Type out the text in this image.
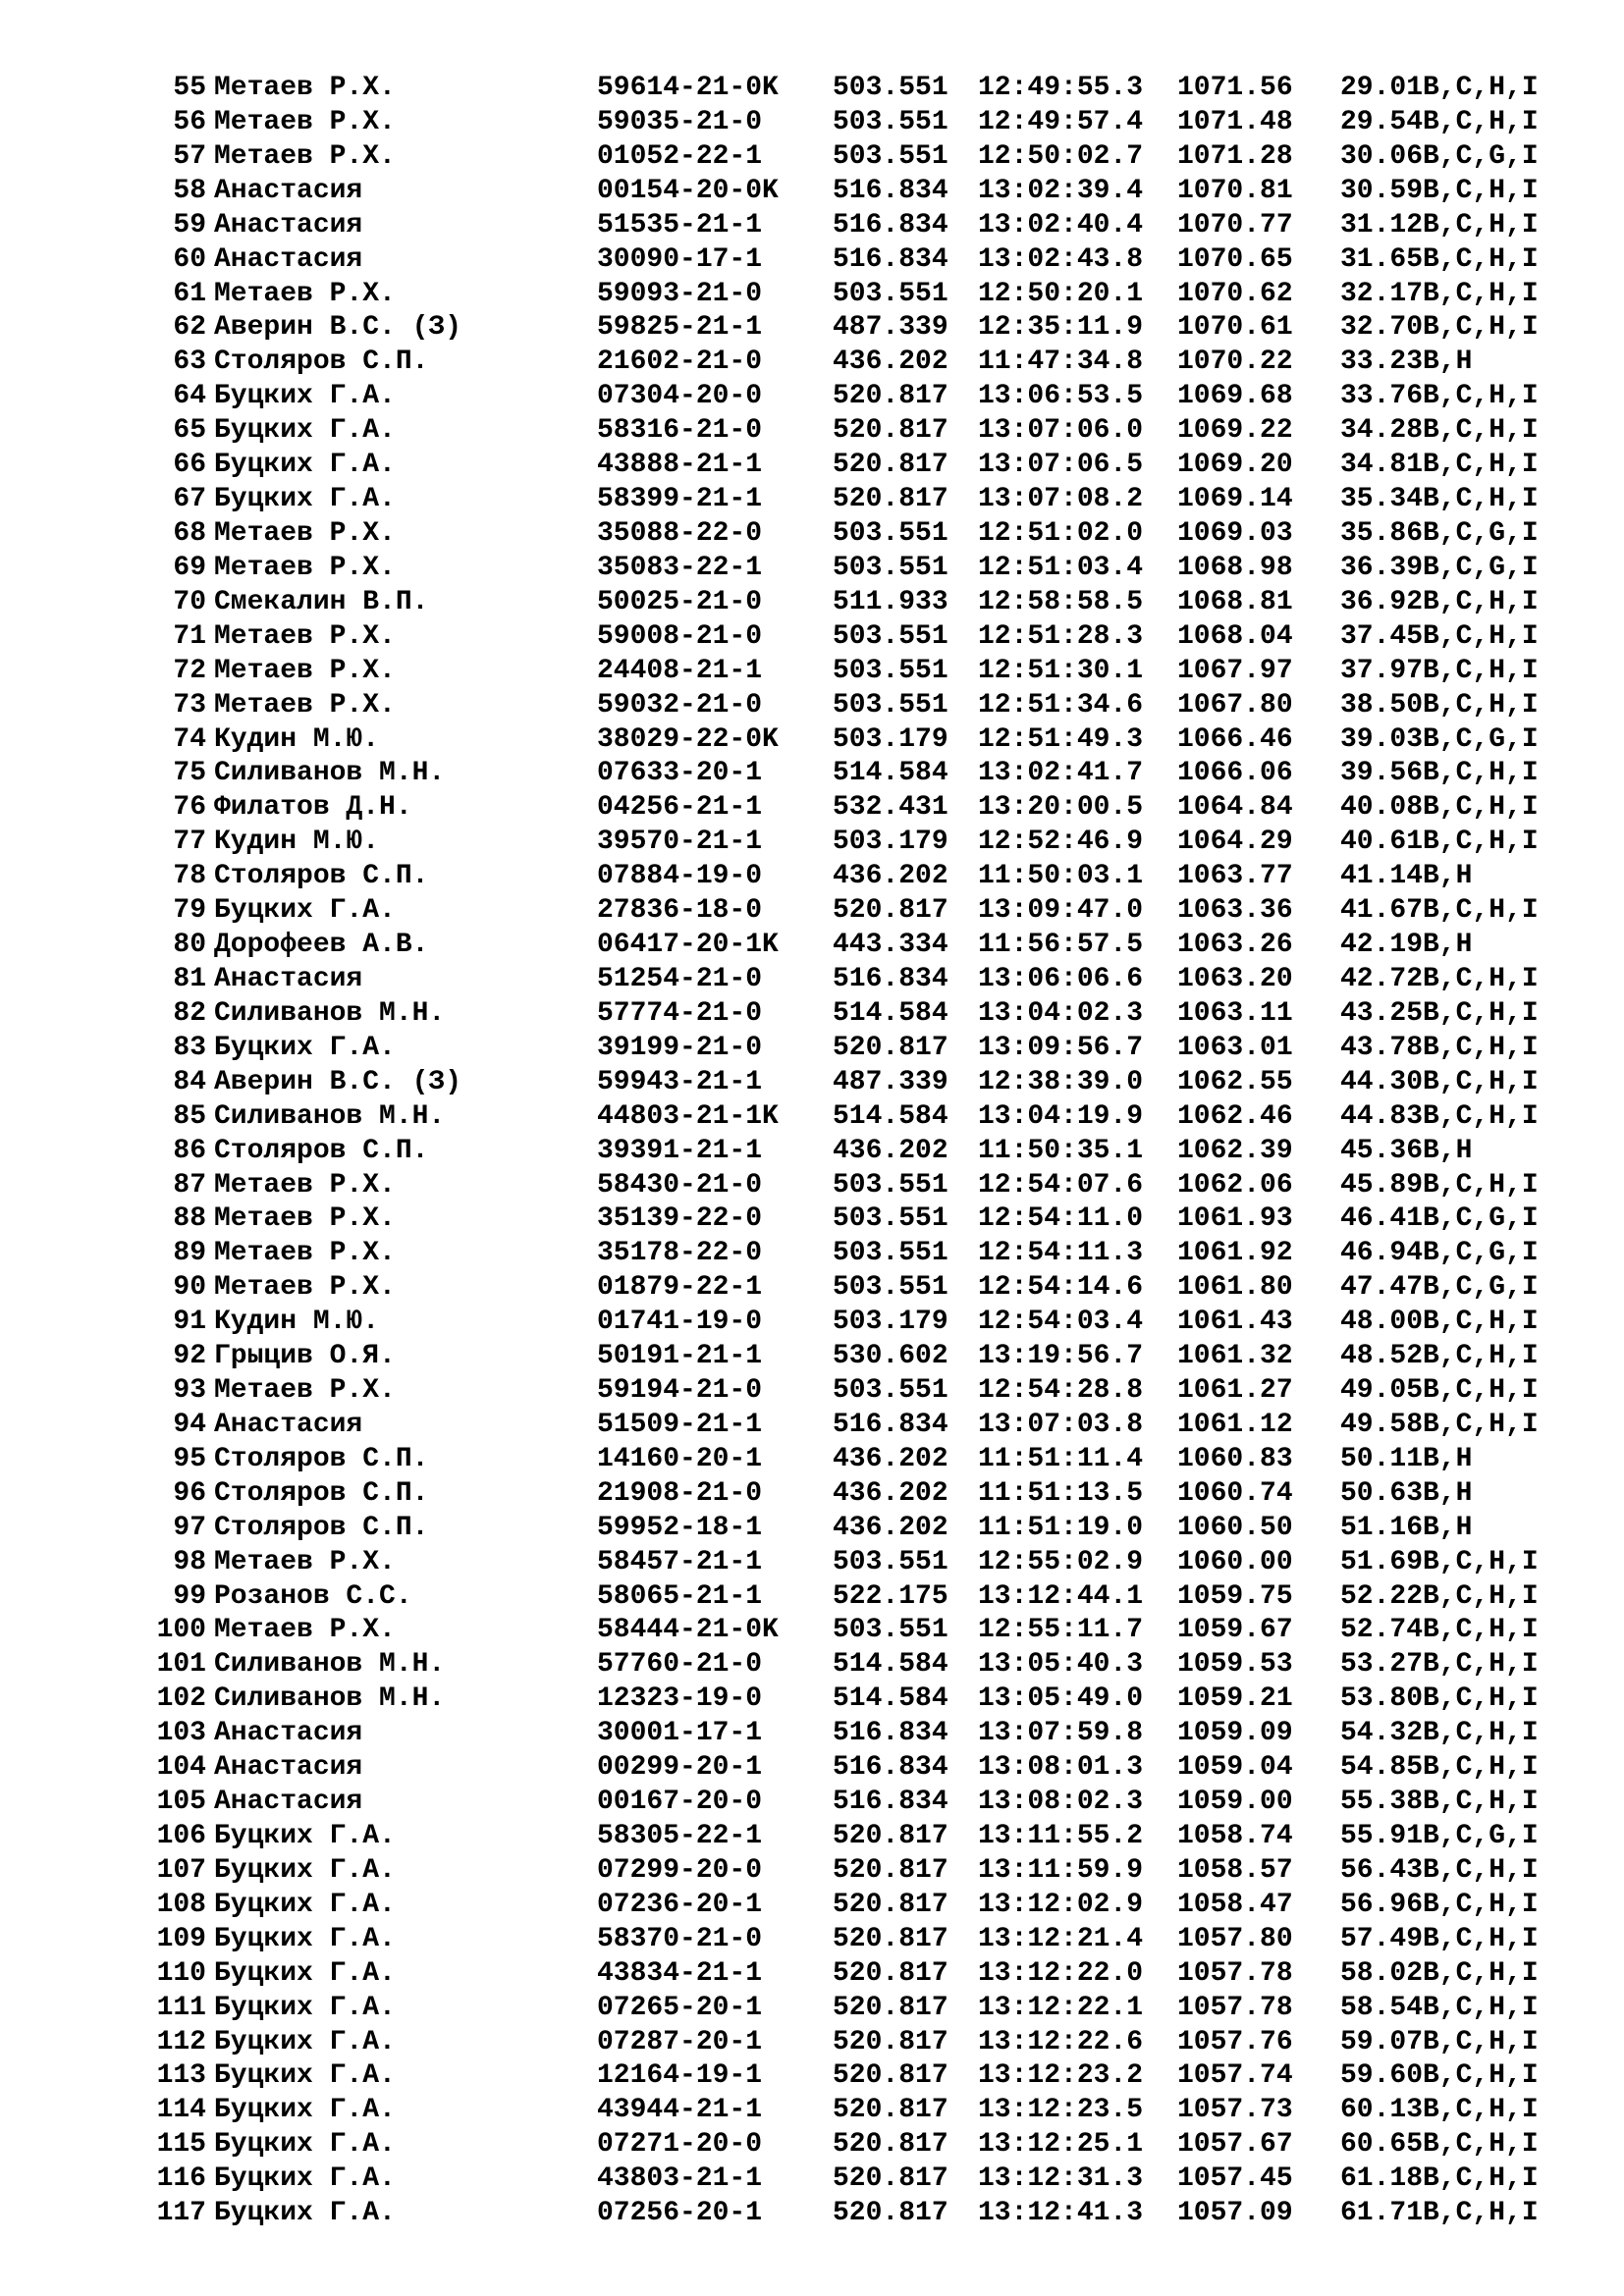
55 Метаев Р.Х.	59614-21-0K 503.551 12:49:55.3 1071.56 29.01 B,C,H,I
56 Метаев Р.Х.	59035-21-0	503.551 12:49:57.4 1071.48 29.54 B,C,H,I
57 Метаев Р.Х.	01052-22-1	503.551 12:50:02.7 1071.28 30.06 B,C,G,I
58 Анастасия	00154-20-0K 516.834 13:02:39.4 1070.81 30.59 B,C,H,I
59 Анастасия	51535-21-1	516.834 13:02:40.4 1070.77 31.12 B,C,H,I
60 Анастасия	30090-17-1	516.834 13:02:43.8 1070.65 31.65 B,C,H,I
61 Метаев Р.Х.	59093-21-0	503.551 12:50:20.1 1070.62 32.17 B,C,H,I
62 Аверин В.С. (З)	59825-21-1	487.339 12:35:11.9 1070.61 32.70 B,C,H,I
63 Столяров С.П.	21602-21-0	436.202 11:47:34.8 1070.22 33.23 B,H
64 Буцких Г.А.	07304-20-0	520.817 13:06:53.5 1069.68 33.76 B,C,H,I
65 Буцких Г.А.	58316-21-0	520.817 13:07:06.0 1069.22 34.28 B,C,H,I
66 Буцких Г.А.	43888-21-1	520.817 13:07:06.5 1069.20 34.81 B,C,H,I
67 Буцких Г.А.	58399-21-1	520.817 13:07:08.2 1069.14 35.34 B,C,H,I
68 Метаев Р.Х.	35088-22-0	503.551 12:51:02.0 1069.03 35.86 B,C,G,I
69 Метаев Р.Х.	35083-22-1	503.551 12:51:03.4 1068.98 36.39 B,C,G,I
70 Смекалин В.П.	50025-21-0	511.933 12:58:58.5 1068.81 36.92 B,C,H,I
71 Метаев Р.Х.	59008-21-0	503.551 12:51:28.3 1068.04 37.45 B,C,H,I
72 Метаев Р.Х.	24408-21-1	503.551 12:51:30.1 1067.97 37.97 B,C,H,I
73 Метаев Р.Х.	59032-21-0	503.551 12:51:34.6 1067.80 38.50 B,C,H,I
74 Кудин М.Ю.	38029-22-0K 503.179 12:51:49.3 1066.46 39.03 B,C,G,I
75 Силиванов М.Н.	07633-20-1	514.584 13:02:41.7 1066.06 39.56 B,C,H,I
76 Филатов Д.Н.	04256-21-1	532.431 13:20:00.5 1064.84 40.08 B,C,H,I
77 Кудин М.Ю.	39570-21-1	503.179 12:52:46.9 1064.29 40.61 B,C,H,I
78 Столяров С.П.	07884-19-0	436.202 11:50:03.1 1063.77 41.14 B,H
79 Буцких Г.А.	27836-18-0	520.817 13:09:47.0 1063.36 41.67 B,C,H,I
80 Дорофеев А.В.	06417-20-1K 443.334 11:56:57.5 1063.26 42.19 B,H
81 Анастасия	51254-21-0	516.834 13:06:06.6 1063.20 42.72 B,C,H,I
82 Силиванов М.Н.	57774-21-0	514.584 13:04:02.3 1063.11 43.25 B,C,H,I
83 Буцких Г.А.	39199-21-0	520.817 13:09:56.7 1063.01 43.78 B,C,H,I
84 Аверин В.С. (З)	59943-21-1	487.339 12:38:39.0 1062.55 44.30 B,C,H,I
85 Силиванов М.Н.	44803-21-1K 514.584 13:04:19.9 1062.46 44.83 B,C,H,I
86 Столяров С.П.	39391-21-1	436.202 11:50:35.1 1062.39 45.36 B,H
87 Метаев Р.Х.	58430-21-0	503.551 12:54:07.6 1062.06 45.89 B,C,H,I
88 Метаев Р.Х.	35139-22-0	503.551 12:54:11.0 1061.93 46.41 B,C,G,I
89 Метаев Р.Х.	35178-22-0	503.551 12:54:11.3 1061.92 46.94 B,C,G,I
90 Метаев Р.Х.	01879-22-1	503.551 12:54:14.6 1061.80 47.47 B,C,G,I
91 Кудин М.Ю.	01741-19-0	503.179 12:54:03.4 1061.43 48.00 B,C,H,I
92 Грыцив О.Я.	50191-21-1	530.602 13:19:56.7 1061.32 48.52 B,C,H,I
93 Метаев Р.Х.	59194-21-0	503.551 12:54:28.8 1061.27 49.05 B,C,H,I
94 Анастасия	51509-21-1	516.834 13:07:03.8 1061.12 49.58 B,C,H,I
95 Столяров С.П.	14160-20-1	436.202 11:51:11.4 1060.83 50.11 B,H
96 Столяров С.П.	21908-21-0	436.202 11:51:13.5 1060.74 50.63 B,H
97 Столяров С.П.	59952-18-1	436.202 11:51:19.0 1060.50 51.16 B,H
98 Метаев Р.Х.	58457-21-1	503.551 12:55:02.9 1060.00 51.69 B,C,H,I
99 Розанов С.С.	58065-21-1	522.175 13:12:44.1 1059.75 52.22 B,C,H,I
100 Метаев Р.Х.	58444-21-0K 503.551 12:55:11.7 1059.67 52.74 B,C,H,I
101 Силиванов М.Н.	57760-21-0	514.584 13:05:40.3 1059.53 53.27 B,C,H,I
102 Силиванов М.Н.	12323-19-0	514.584 13:05:49.0 1059.21 53.80 B,C,H,I
103 Анастасия	30001-17-1	516.834 13:07:59.8 1059.09 54.32 B,C,H,I
104 Анастасия	00299-20-1	516.834 13:08:01.3 1059.04 54.85 B,C,H,I
105 Анастасия	00167-20-0	516.834 13:08:02.3 1059.00 55.38 B,C,H,I
106 Буцких Г.А.	58305-22-1	520.817 13:11:55.2 1058.74 55.91 B,C,G,I
107 Буцких Г.А.	07299-20-0	520.817 13:11:59.9 1058.57 56.43 B,C,H,I
108 Буцких Г.А.	07236-20-1	520.817 13:12:02.9 1058.47 56.96 B,C,H,I
109 Буцких Г.А.	58370-21-0	520.817 13:12:21.4 1057.80 57.49 B,C,H,I
110 Буцких Г.А.	43834-21-1	520.817 13:12:22.0 1057.78 58.02 B,C,H,I
111 Буцких Г.А.	07265-20-1	520.817 13:12:22.1 1057.78 58.54 B,C,H,I
112 Буцких Г.А.	07287-20-1	520.817 13:12:22.6 1057.76 59.07 B,C,H,I
113 Буцких Г.А.	12164-19-1	520.817 13:12:23.2 1057.74 59.60 B,C,H,I
114 Буцких Г.А.	43944-21-1	520.817 13:12:23.5 1057.73 60.13 B,C,H,I
115 Буцких Г.А.	07271-20-0	520.817 13:12:25.1 1057.67 60.65 B,C,H,I
116 Буцких Г.А.	43803-21-1	520.817 13:12:31.3 1057.45 61.18 B,C,H,I
117 Буцких Г.А.	07256-20-1	520.817 13:12:41.3 1057.09 61.71 B,C,H,I
